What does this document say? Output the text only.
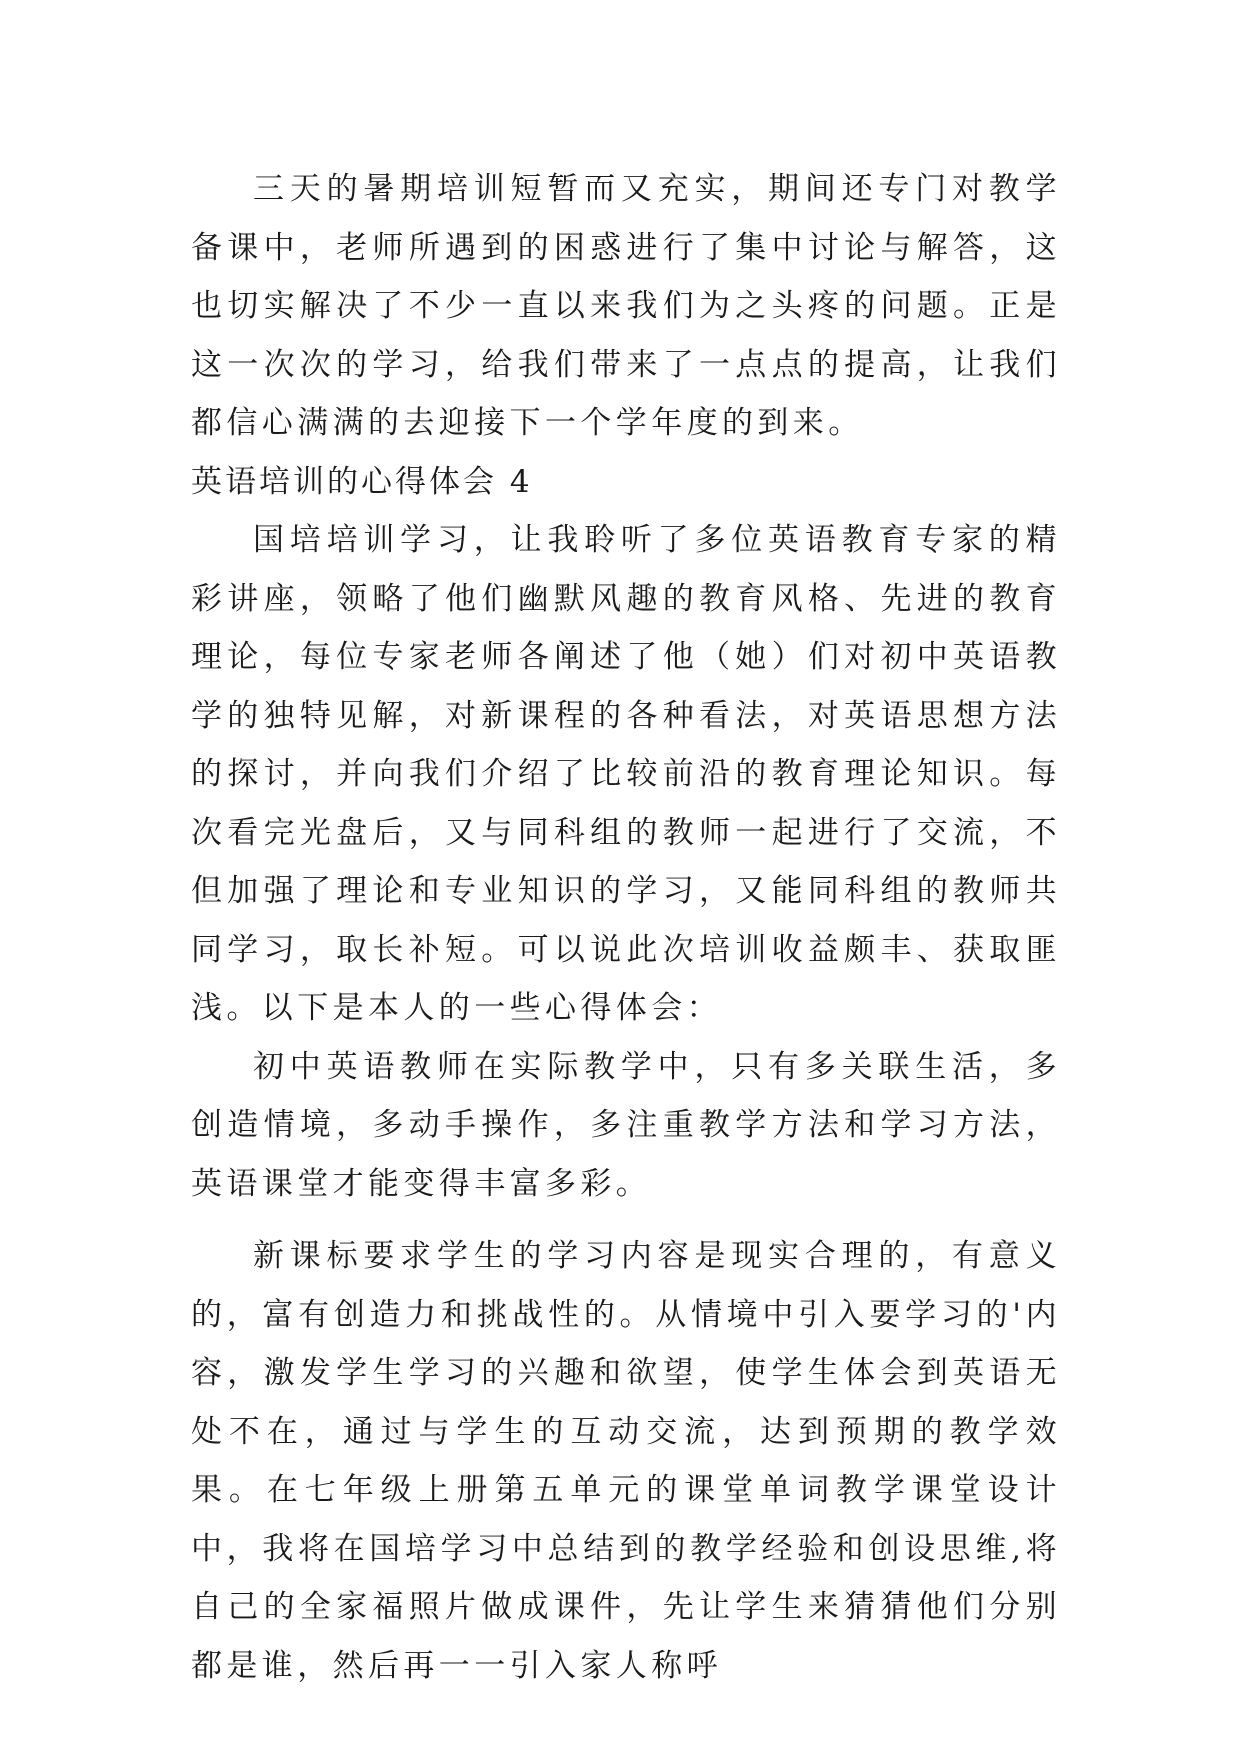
三天的暑期培训短暂而又充实，期间还专门对教学备课中，老师所遇到的困惑进行了集中讨论与解答，这也切实解决了不少一直以来我们为之头疼的问题。正是这一次次的学习，给我们带来了一点点的提高，让我们都信心满满的去迎接下一个学年度的到来。

英语培训的心得体会 4

国培培训学习，让我聆听了多位英语教育专家的精彩讲座，领略了他们幽默风趣的教育风格、先进的教育理论，每位专家老师各阐述了他（她）们对初中英语教学的独特见解，对新课程的各种看法，对英语思想方法的探讨，并向我们介绍了比较前沿的教育理论知识。每次看完光盘后，又与同科组的教师一起进行了交流，不但加强了理论和专业知识的学习，又能同科组的教师共同学习，取长补短。可以说此次培训收益颇丰、获取匪浅。以下是本人的一些心得体会：

初中英语教师在实际教学中，只有多关联生活，多创造情境，多动手操作，多注重教学方法和学习方法，英语课堂才能变得丰富多彩。

新课标要求学生的学习内容是现实合理的，有意义的，富有创造力和挑战性的。从情境中引入要学习的'内容，激发学生学习的兴趣和欲望，使学生体会到英语无处不在，通过与学生的互动交流，达到预期的教学效果。在七年级上册第五单元的课堂单词教学课堂设计中，我将在国培学习中总结到的教学经验和创设思维,将自己的全家福照片做成课件，先让学生来猜猜他们分别都是谁，然后再一一引入家人称呼
